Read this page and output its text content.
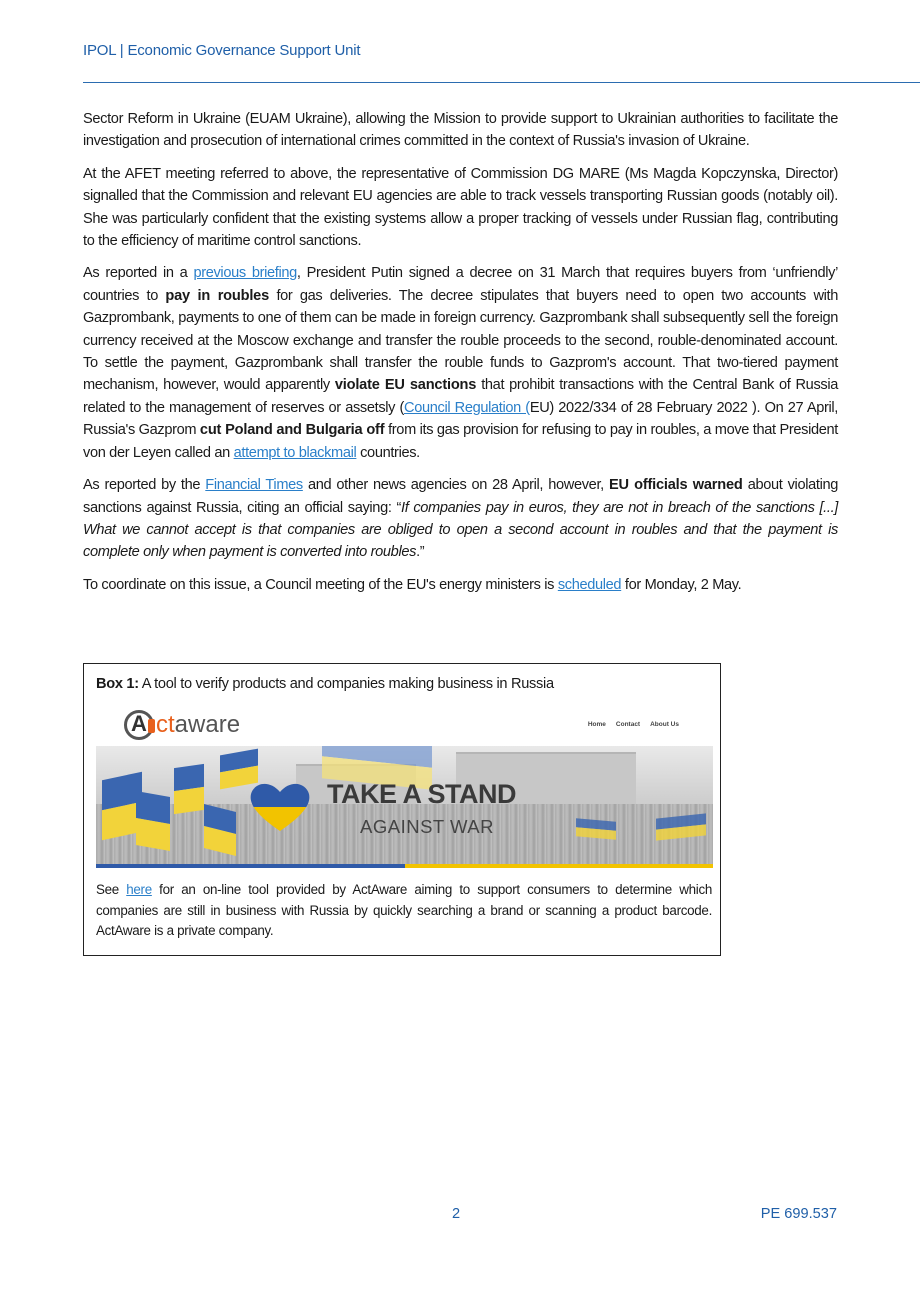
IPOL | Economic Governance Support Unit

Sector Reform in Ukraine (EUAM Ukraine), allowing the Mission to provide support to Ukrainian authorities to facilitate the investigation and prosecution of international crimes committed in the context of Russia's invasion of Ukraine.

At the AFET meeting referred to above, the representative of Commission DG MARE (Ms Magda Kopczynska, Director) signalled that the Commission and relevant EU agencies are able to track vessels transporting Russian goods (notably oil). She was particularly confident that the existing systems allow a proper tracking of vessels under Russian flag, contributing to the efficiency of maritime control sanctions.

As reported in a previous briefing, President Putin signed a decree on 31 March that requires buyers from ‘unfriendly’ countries to pay in roubles for gas deliveries. The decree stipulates that buyers need to open two accounts with Gazprombank, payments to one of them can be made in foreign currency. Gazprombank shall subsequently sell the foreign currency received at the Moscow exchange and transfer the rouble proceeds to the second, rouble-denominated account. To settle the payment, Gazprombank shall transfer the rouble funds to Gazprom's account. That two-tiered payment mechanism, however, would apparently violate EU sanctions that prohibit transactions with the Central Bank of Russia related to the management of reserves or assetsly (Council Regulation (EU) 2022/334 of 28 February 2022 ). On 27 April, Russia's Gazprom cut Poland and Bulgaria off from its gas provision for refusing to pay in roubles, a move that President von der Leyen called an attempt to blackmail countries.

As reported by the Financial Times and other news agencies on 28 April, however, EU officials warned about violating sanctions against Russia, citing an official saying: “If companies pay in euros, they are not in breach of the sanctions [...] What we cannot accept is that companies are obliged to open a second account in roubles and that the payment is complete only when payment is converted into roubles.”

To coordinate on this issue, a Council meeting of the EU's energy ministers is scheduled for Monday, 2 May.

Box 1: A tool to verify products and companies making business in Russia
A ct aware	Home Contact About Us
TAKE A STAND
AGAINST WAR
See here for an on-line tool provided by ActAware aiming to support consumers to determine which companies are still in business with Russia by quickly searching a brand or scanning a product barcode. ActAware is a private company.
2	PE 699.537
